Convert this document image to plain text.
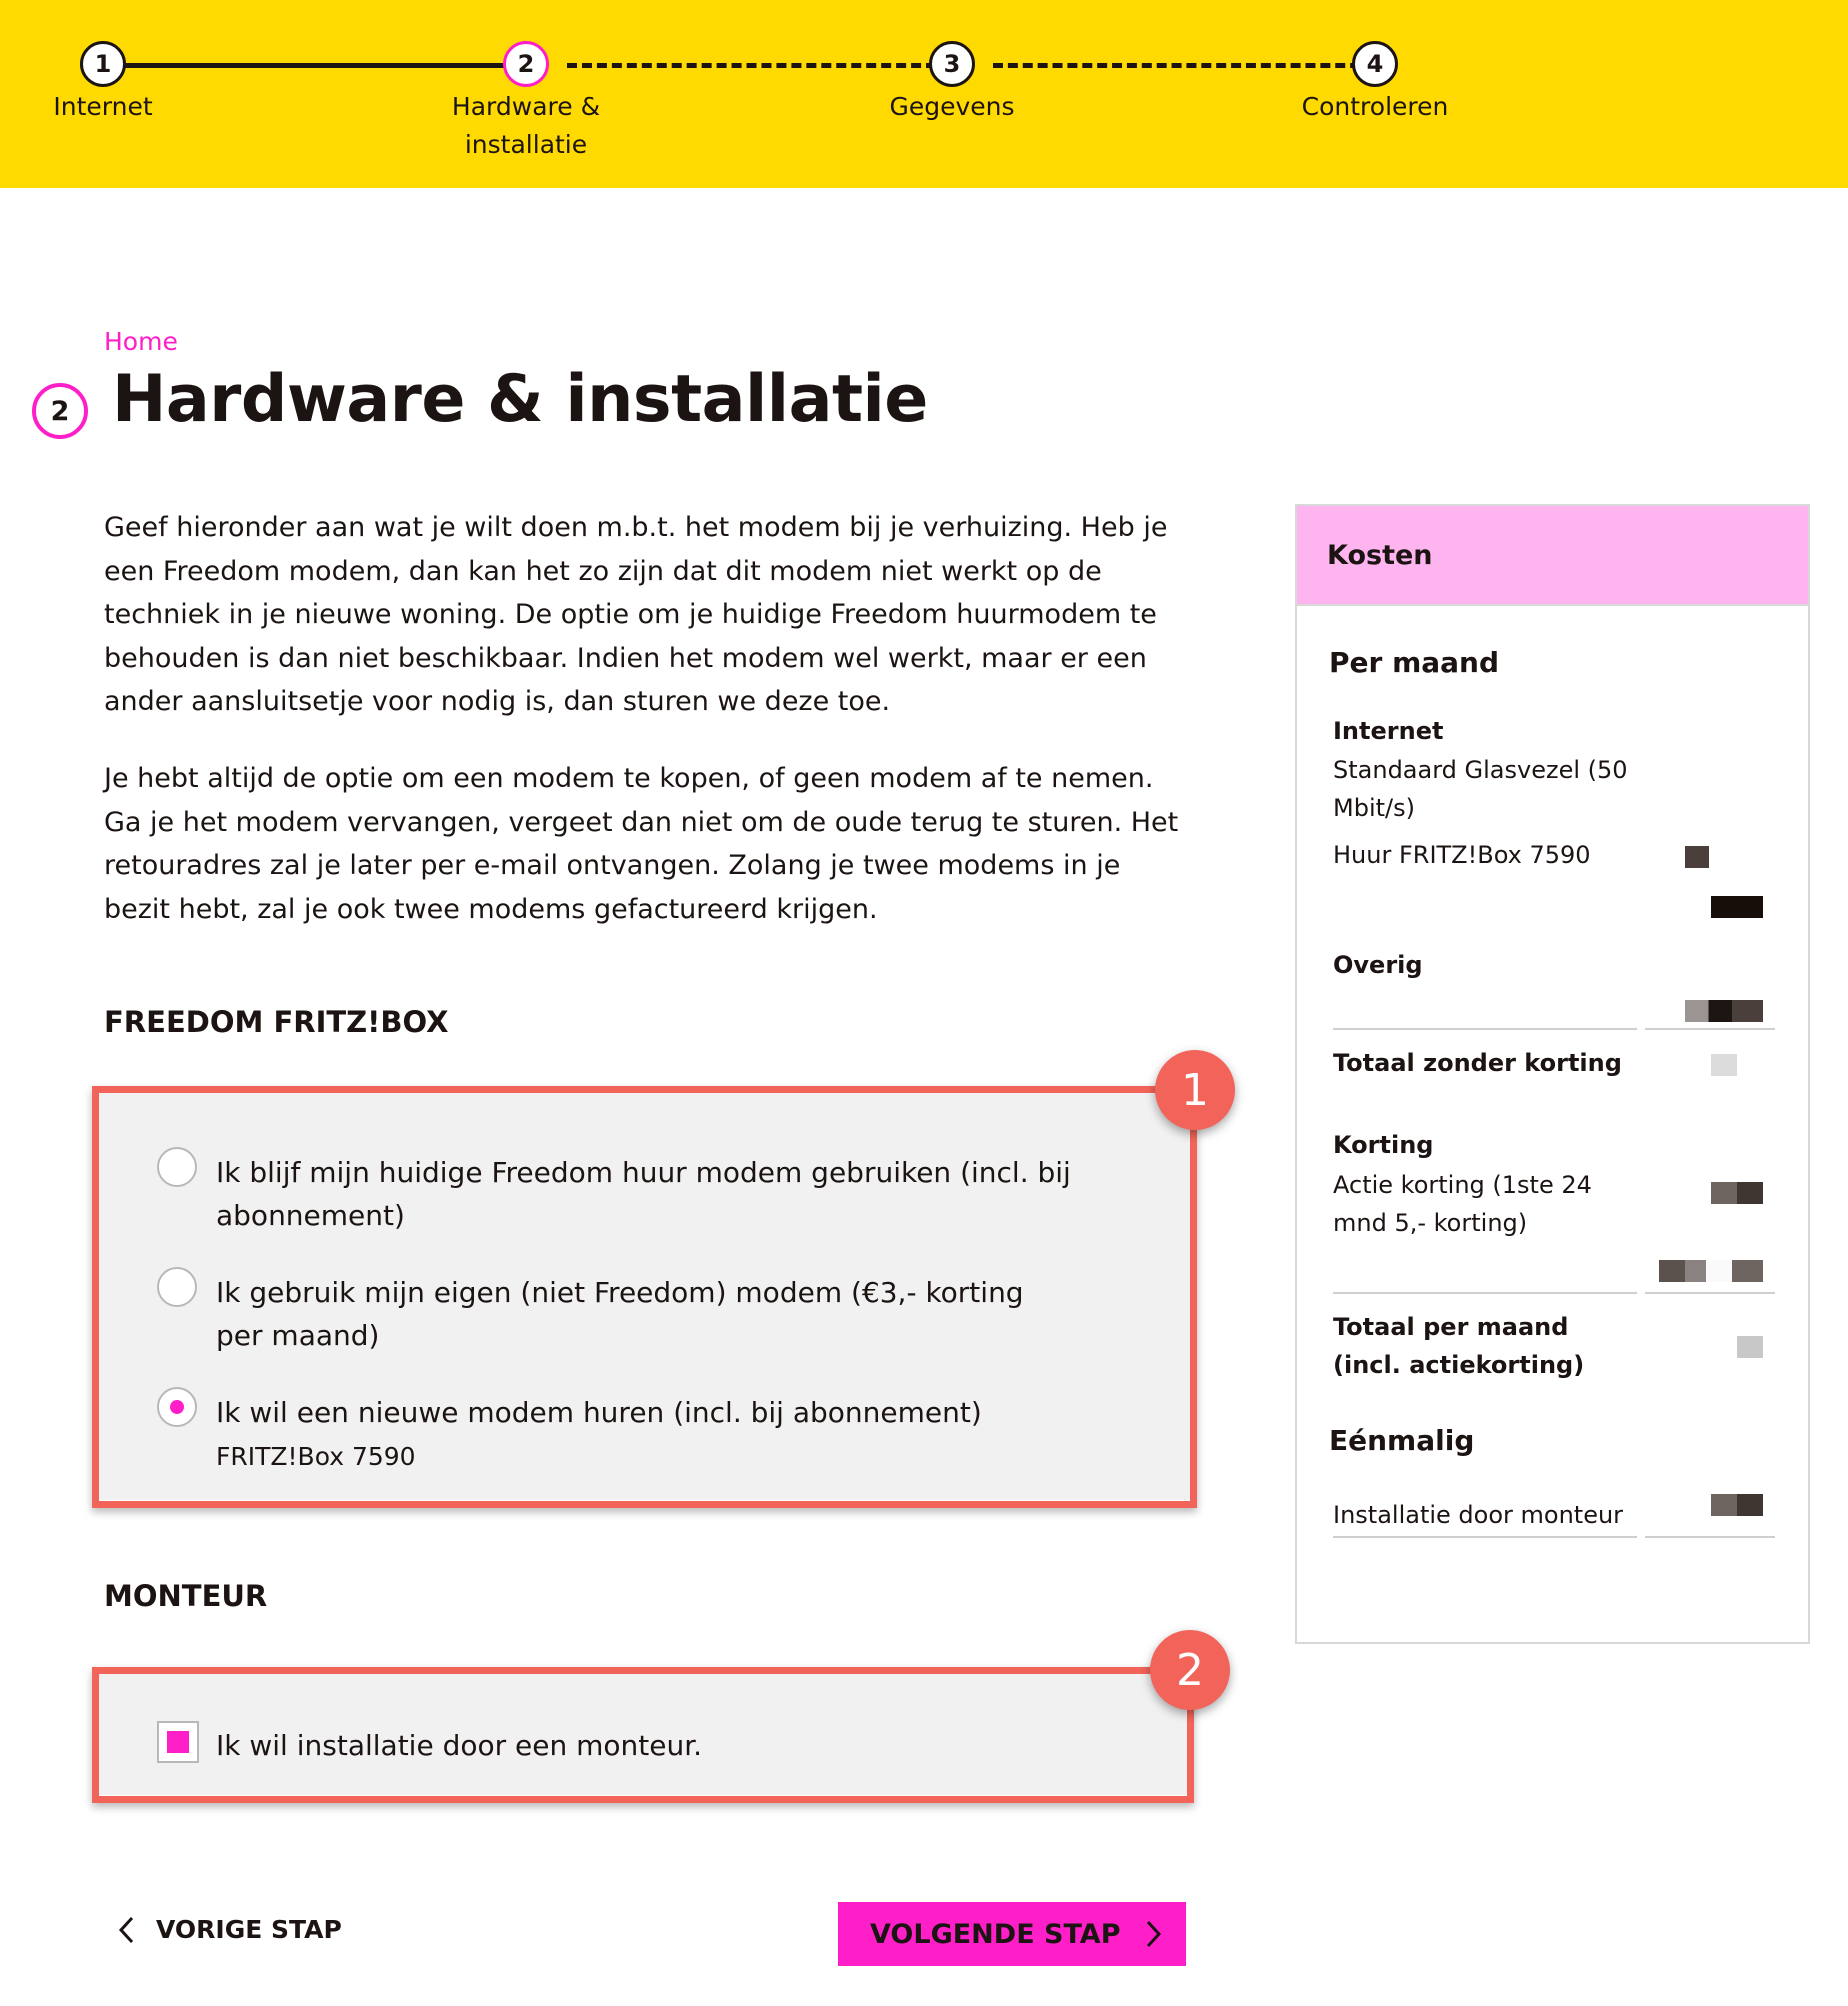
1	2	3	4
Internet	Hardware & installatie
Gegevens	Controleren
Home
2 Hardware & installatie

Geef hieronder aan wat je wilt doen m.b.t. het modem bij je verhuizing. Heb je een Freedom modem, dan kan het zo zijn dat dit modem niet werkt op de techniek in je nieuwe woning. De optie om je huidige Freedom huurmodem te behouden is dan niet beschikbaar. Indien het modem wel werkt, maar er een ander aansluitsetje voor nodig is, dan sturen we deze toe.

Je hebt altijd de optie om een modem te kopen, of geen modem af te nemen. Ga je het modem vervangen, vergeet dan niet om de oude terug te sturen. Het retouradres zal je later per e-mail ontvangen. Zolang je twee modems in je bezit hebt, zal je ook twee modems gefactureerd krijgen.

FREEDOM FRITZ!BOX
1
Ik blijf mijn huidige Freedom huur modem gebruiken (incl. bij abonnement)
Ik gebruik mijn eigen (niet Freedom) modem (€3,- korting per maand)
Ik wil een nieuwe modem huren (incl. bij abonnement)
FRITZ!Box 7590
MONTEUR
2
Ik wil installatie door een monteur.
VORIGE STAP	VOLGENDE STAP
Kosten
Per maand
Internet
Standaard Glasvezel (50 Mbit/s)
Huur FRITZ!Box 7590
Overig
Totaal zonder korting
Korting
Actie korting (1ste 24 mnd 5,- korting)
Totaal per maand (incl. actiekorting)
Eénmalig
Installatie door monteur
